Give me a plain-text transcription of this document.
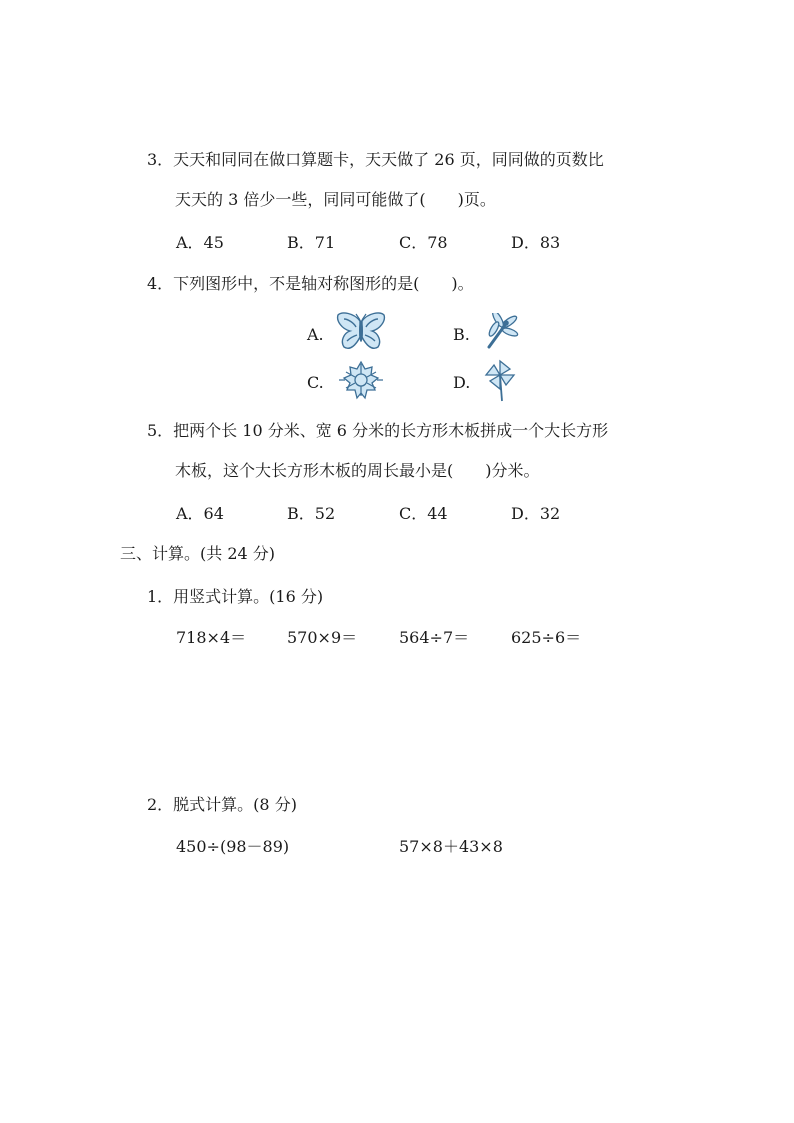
3．天天和同同在做口算题卡，天天做了 26 页，同同做的页数比
天天的 3 倍少一些，同同可能做了(　　)页。
A．45	B．71	C．78	D．83
4．下列图形中，不是轴对称图形的是(　　)。
A.	B.
C.	D.
5．把两个长 10 分米、宽 6 分米的长方形木板拼成一个大长方形
木板，这个大长方形木板的周长最小是(　　)分米。
A．64	B．52	C．44	D．32
三、计算。(共 24 分)
1．用竖式计算。(16 分)
718×4＝	570×9＝	564÷7＝	625÷6＝
2．脱式计算。(8 分)
450÷(98－89)	57×8＋43×8
